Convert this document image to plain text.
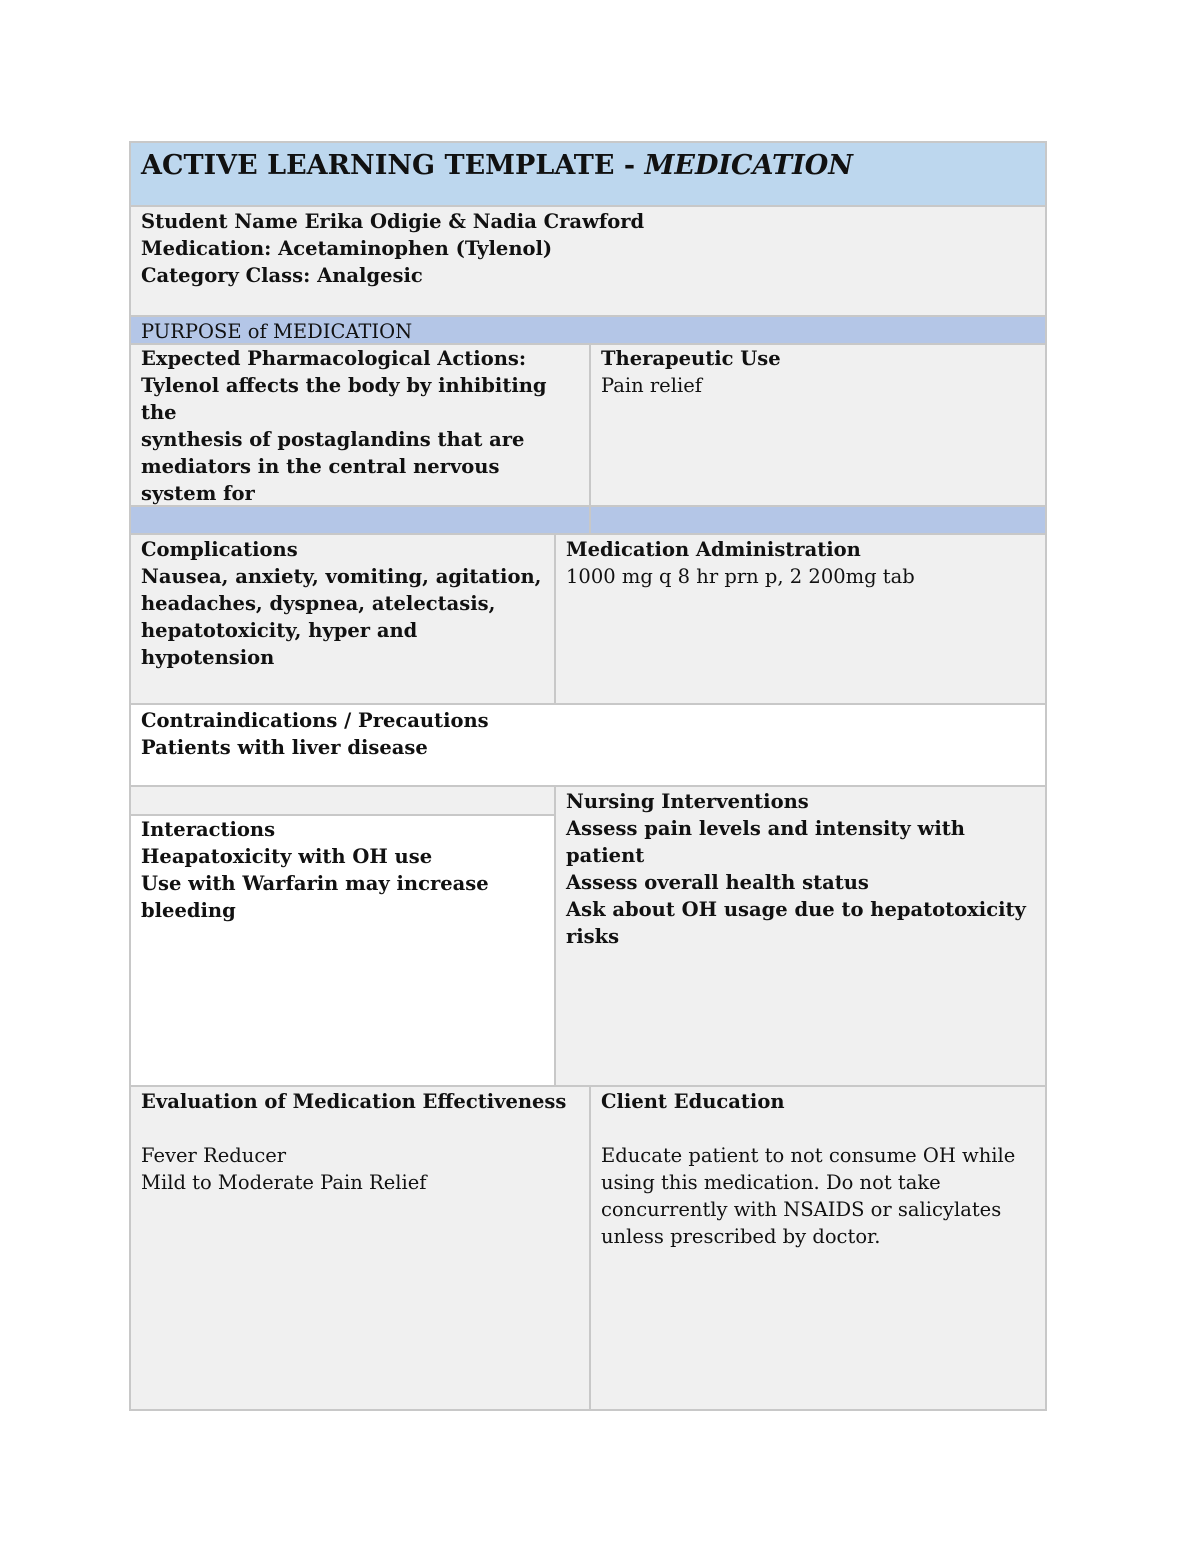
ACTIVE LEARNING TEMPLATE - MEDICATION
Student Name Erika Odigie & Nadia Crawford
Medication: Acetaminophen (Tylenol)
Category Class: Analgesic
PURPOSE of MEDICATION
Expected Pharmacological Actions:
Tylenol affects the body by inhibiting the
synthesis of postaglandins that are
mediators in the central nervous system for
Therapeutic Use
Pain relief
Complications
Nausea, anxiety, vomiting, agitation,
headaches, dyspnea, atelectasis,
hepatotoxicity, hyper and hypotension
Medication Administration
1000 mg q 8 hr prn p, 2 200mg tab
Contraindications / Precautions
Patients with liver disease
Interactions
Heapatoxicity with OH use
Use with Warfarin may increase
bleeding
Nursing Interventions
Assess pain levels and intensity with patient
Assess overall health status
Ask about OH usage due to hepatotoxicity
risks
Evaluation of Medication Effectiveness
Fever Reducer
Mild to Moderate Pain Relief
Client Education
Educate patient to not consume OH while
using this medication. Do not take
concurrently with NSAIDS or salicylates
unless prescribed by doctor.
